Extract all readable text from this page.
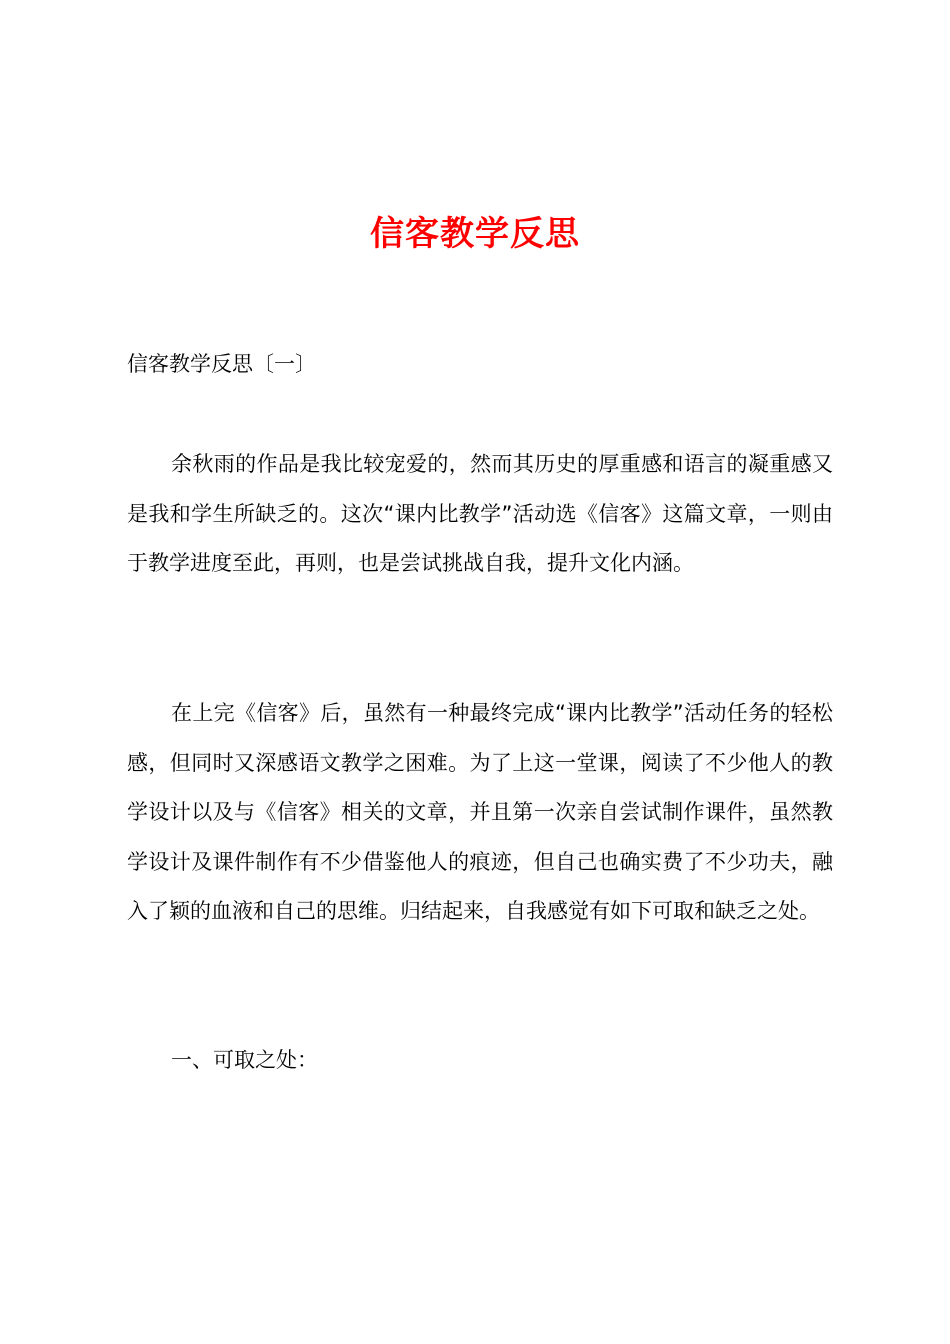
信客教学反思
信客教学反思〔一〕

余秋雨的作品是我比较宠爱的，然而其历史的厚重感和语言的凝重感又是我和学生所缺乏的。这次“课内比教学”活动选《信客》这篇文章，一则由于教学进度至此，再则，也是尝试挑战自我，提升文化内涵。

在上完《信客》后，虽然有一种最终完成“课内比教学”活动任务的轻松感，但同时又深感语文教学之困难。为了上这一堂课，阅读了不少他人的教学设计以及与《信客》相关的文章，并且第一次亲自尝试制作课件，虽然教学设计及课件制作有不少借鉴他人的痕迹，但自己也确实费了不少功夫，融入了颖的血液和自己的思维。归结起来，自我感觉有如下可取和缺乏之处。

一、可取之处：
